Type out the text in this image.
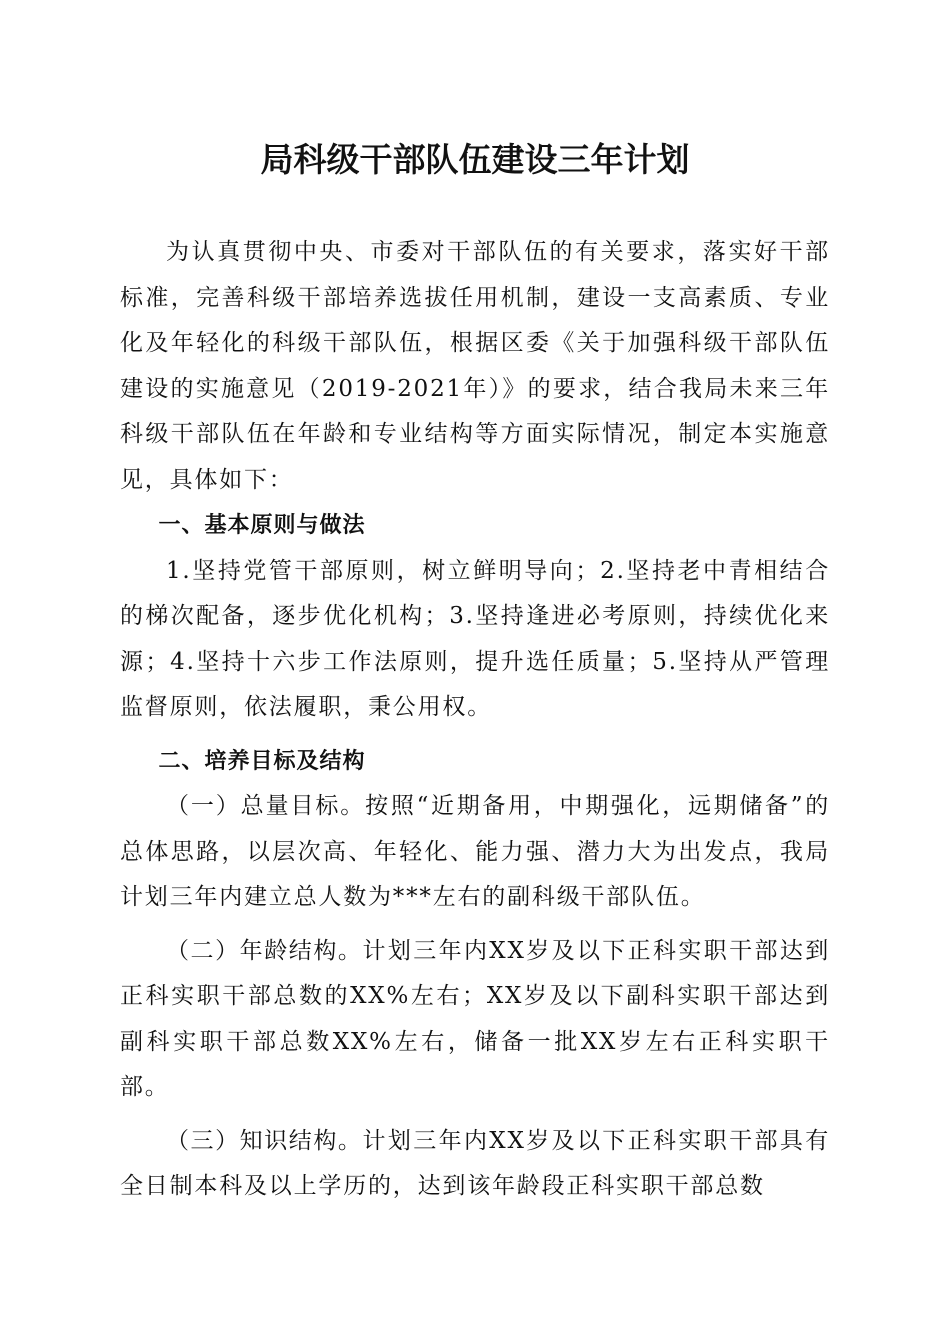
局科级干部队伍建设三年计划

为认真贯彻中央、市委对干部队伍的有关要求，落实好干部标准，完善科级干部培养选拔任用机制，建设一支高素质、专业化及年轻化的科级干部队伍，根据区委《关于加强科级干部队伍建设的实施意见（2019-2021年）》的要求，结合我局未来三年科级干部队伍在年龄和专业结构等方面实际情况，制定本实施意见，具体如下：

一、基本原则与做法

1.坚持党管干部原则，树立鲜明导向；2.坚持老中青相结合的梯次配备，逐步优化机构；3.坚持逢进必考原则，持续优化来源；4.坚持十六步工作法原则，提升选任质量；5.坚持从严管理监督原则，依法履职，秉公用权。

二、培养目标及结构

（一）总量目标。按照“近期备用，中期强化，远期储备”的总体思路，以层次高、年轻化、能力强、潜力大为出发点，我局计划三年内建立总人数为***左右的副科级干部队伍。

（二）年龄结构。计划三年内XX岁及以下正科实职干部达到正科实职干部总数的XX%左右；XX岁及以下副科实职干部达到副科实职干部总数XX%左右，储备一批XX岁左右正科实职干部。

（三）知识结构。计划三年内XX岁及以下正科实职干部具有全日制本科及以上学历的，达到该年龄段正科实职干部总数
